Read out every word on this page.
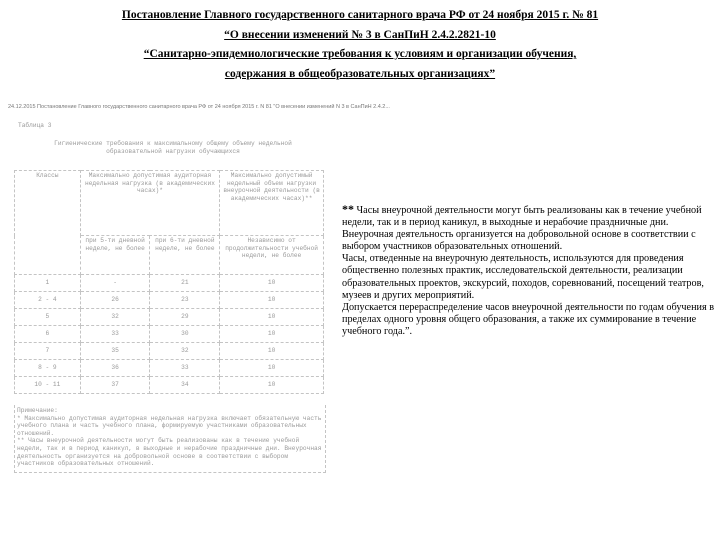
Постановление Главного государственного санитарного врача РФ от 24 ноября 2015 г. № 81
“О внесении изменений № 3 в СанПиН 2.4.2.2821-10
“Санитарно-эпидемиологические требования к условиям и организации обучения,
содержания в общеобразовательных организациях”
24.12.2015 Постановление Главного государственного санитарного врача РФ от 24 ноября 2015 г. N 81 "О внесении изменений N 3 в СанПиН 2.4.2...
Таблица 3
Гигиенические требования к максимальному общему объему недельной образовательной нагрузки обучающихся
Классы	Максимально допустимая аудиторная недельная нагрузка (в академических часах)*		Максимально допустимый недельный объем нагрузки внеурочной деятельности (в академических часах)**
	при 5-ти дневной неделе, не более	при 6-ти дневной неделе, не более	Независимо от продолжительности учебной недели, не более
1	-	21	10
2 - 4	26	23	10
5	32	29	10
6	33	30	10
7	35	32	10
8 - 9	36	33	10
10 - 11	37	34	10
Примечание:
* Максимально допустимая аудиторная недельная нагрузка включает обязательную часть учебного плана и часть учебного плана, формируемую участниками образовательных отношений.
** Часы внеурочной деятельности могут быть реализованы как в течение учебной недели, так и в период каникул, в выходные и нерабочие праздничные дни. Внеурочная деятельность организуется на добровольной основе в соответствии с выбором участников образовательных отношений.

** Часы внеурочной деятельности могут быть реализованы как в течение учебной недели, так и в период каникул, в выходные и нерабочие праздничные дни. Внеурочная деятельность организуется на добровольной основе в соответствии с выбором участников образовательных отношений.

Часы, отведенные на внеурочную деятельность, используются для проведения общественно полезных практик, исследовательской деятельности, реализации образовательных проектов, экскурсий, походов, соревнований, посещений театров, музеев и других мероприятий.

Допускается перераспределение часов внеурочной деятельности по годам обучения в пределах одного уровня общего образования, а также их суммирование в течение учебного года.”.
